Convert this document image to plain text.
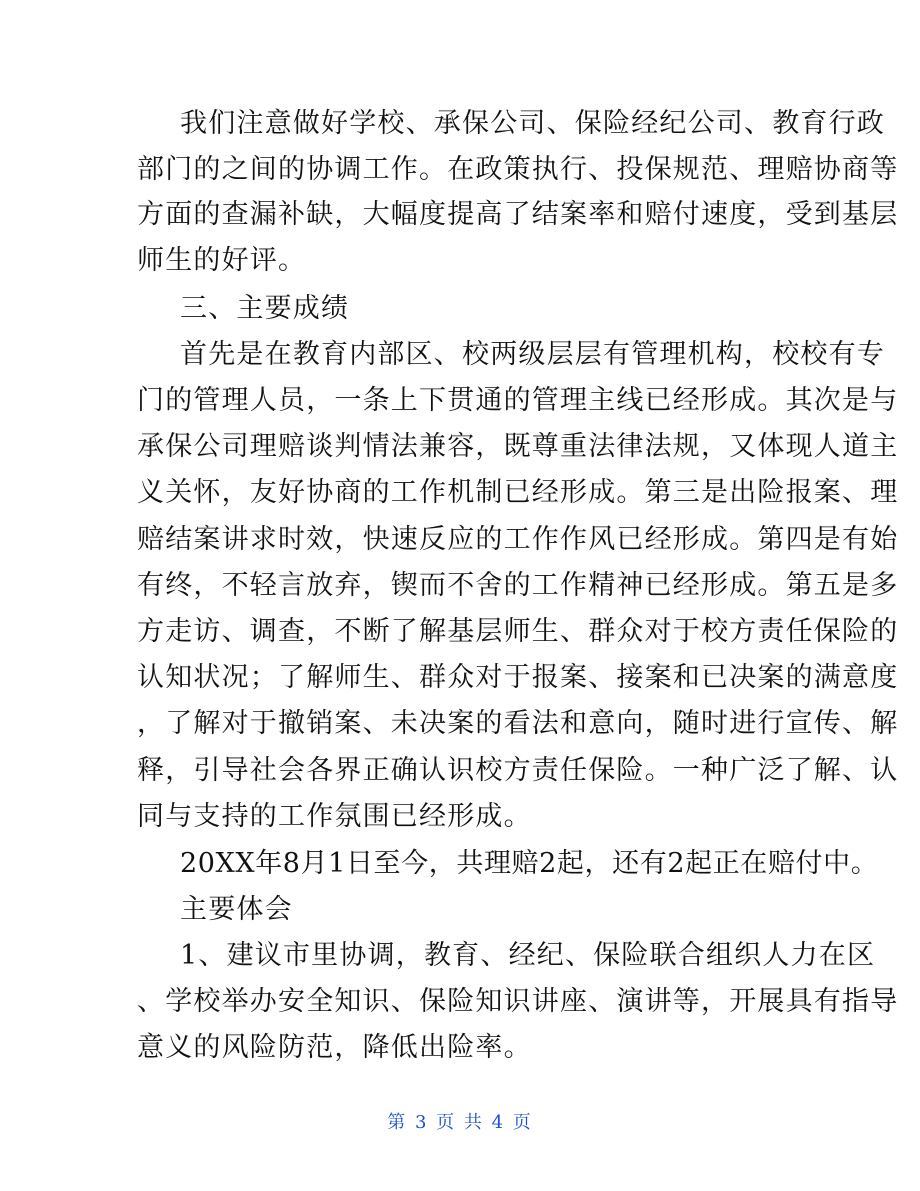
我们注意做好学校、承保公司、保险经纪公司、教育行政
部门的之间的协调工作。在政策执行、投保规范、理赔协商等
方面的查漏补缺，大幅度提高了结案率和赔付速度，受到基层
师生的好评。
三、主要成绩
首先是在教育内部区、校两级层层有管理机构，校校有专
门的管理人员，一条上下贯通的管理主线已经形成。其次是与
承保公司理赔谈判情法兼容，既尊重法律法规，又体现人道主
义关怀，友好协商的工作机制已经形成。第三是出险报案、理
赔结案讲求时效，快速反应的工作作风已经形成。第四是有始
有终，不轻言放弃，锲而不舍的工作精神已经形成。第五是多
方走访、调查，不断了解基层师生、群众对于校方责任保险的
认知状况；了解师生、群众对于报案、接案和已决案的满意度
，了解对于撤销案、未决案的看法和意向，随时进行宣传、解
释，引导社会各界正确认识校方责任保险。一种广泛了解、认
同与支持的工作氛围已经形成。
20XX年8月1日至今，共理赔2起，还有2起正在赔付中。
主要体会
1、建议市里协调，教育、经纪、保险联合组织人力在区
、学校举办安全知识、保险知识讲座、演讲等，开展具有指导
意义的风险防范，降低出险率。
第 3 页 共 4 页
